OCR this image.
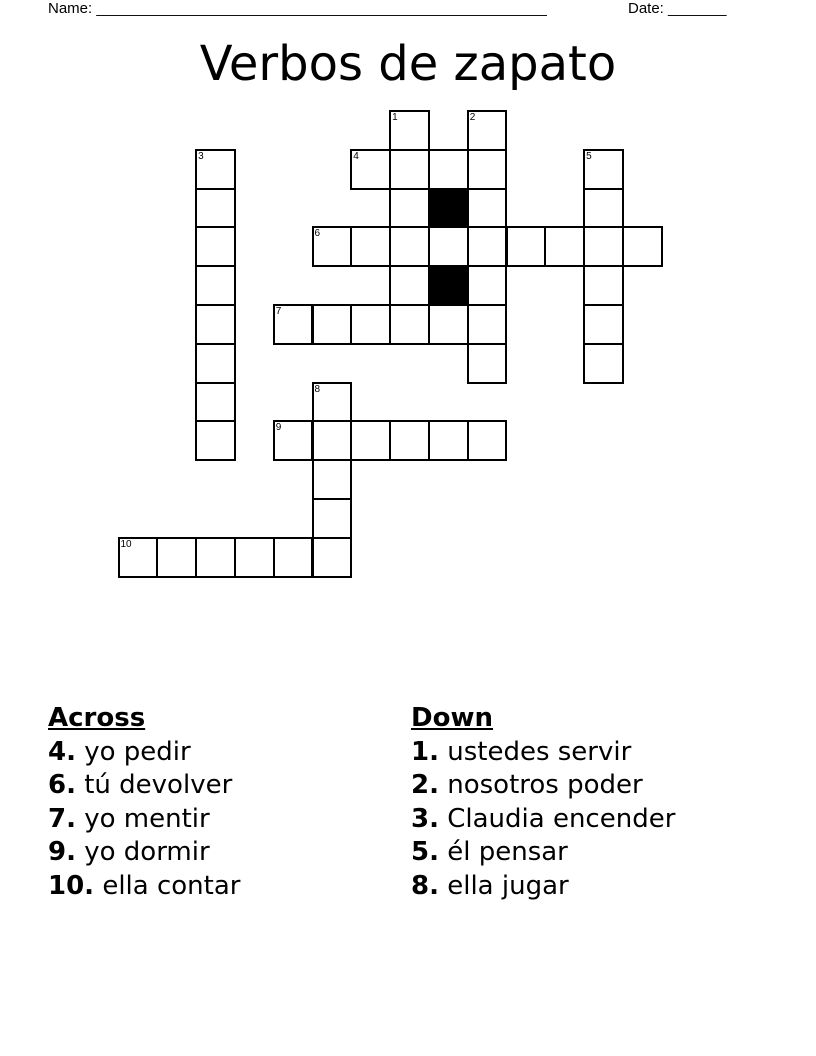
Name: ______________________________________________________	Date: _______
Verbos de zapato
1	2
3	4	5
6
7
8
9
10
Across
4. yo pedir
6. tú devolver
7. yo mentir
9. yo dormir
10. ella contar
Down
1. ustedes servir
2. nosotros poder
3. Claudia encender
5. él pensar
8. ella jugar
